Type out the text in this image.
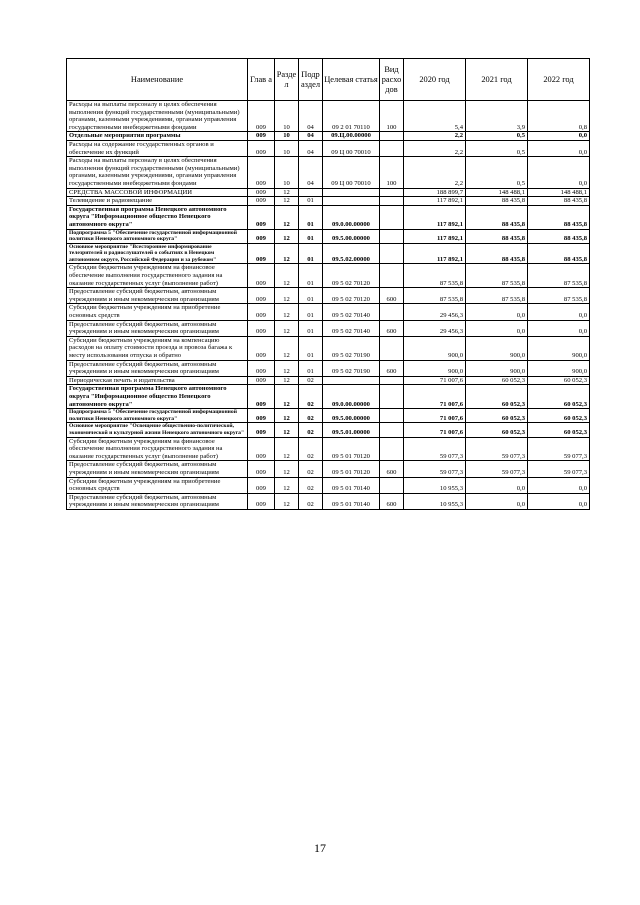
Наименование	Глав а	Разде л	Подр аздел	Целевая статья	Вид расхо дов	2020 год	2021 год	2022 год
Расходы на выплаты персоналу в целях обеспечения выполнения функций государственными (муниципальными) органами, казенными учреждениями, органами управления государственными внебюджетными фондами	009	10	04	09 2 01 70110	100	5,4	3,9	0,8
Отдельные мероприятия программы	009	10	04	09.Ц.00.00000		2,2	0,5	0,0
Расходы на содержание государственных органов и обеспечение их функций	009	10	04	09 Ц 00 70010		2,2	0,5	0,0
Расходы на выплаты персоналу в целях обеспечения выполнения функций государственными (муниципальными) органами, казенными учреждениями, органами управления государственными внебюджетными фондами	009	10	04	09 Ц 00 70010	100	2,2	0,5	0,0
СРЕДСТВА МАССОВОЙ ИНФОРМАЦИИ	009	12				188 899,7	148 488,1	148 488,1
Телевидение и радиовещание	009	12	01			117 892,1	88 435,8	88 435,8
Государственная программа Ненецкого автономного округа "Информационное общество Ненецкого автономного округа"	009	12	01	09.0.00.00000		117 892,1	88 435,8	88 435,8
Подпрограмма 5 "Обеспечение государственной информационной политики Ненецкого автономного округа"	009	12	01	09.5.00.00000		117 892,1	88 435,8	88 435,8
Основное мероприятие "Всестороннее информирование телезрителей и радиослушателей о событиях в Ненецком автономном округе, Российской Федерации и за рубежом"	009	12	01	09.5.02.00000		117 892,1	88 435,8	88 435,8
Субсидии бюджетным учреждениям на финансовое обеспечение выполнения государственного задания на оказание государственных услуг (выполнение работ)	009	12	01	09 5 02 70120		87 535,8	87 535,8	87 535,8
Предоставление субсидий бюджетным, автономным учреждениям и иным некоммерческим организациям	009	12	01	09 5 02 70120	600	87 535,8	87 535,8	87 535,8
Субсидии бюджетным учреждениям на приобретение основных средств	009	12	01	09 5 02 70140		29 456,3	0,0	0,0
Предоставление субсидий бюджетным, автономным учреждениям и иным некоммерческим организациям	009	12	01	09 5 02 70140	600	29 456,3	0,0	0,0
Субсидии бюджетным учреждениям на компенсацию расходов на оплату стоимости проезда и провоза багажа к месту использования отпуска и обратно	009	12	01	09 5 02 70190		900,0	900,0	900,0
Предоставление субсидий бюджетным, автономным учреждениям и иным некоммерческим организациям	009	12	01	09 5 02 70190	600	900,0	900,0	900,0
Периодическая печать и издательства	009	12	02			71 007,6	60 052,3	60 052,3
Государственная программа Ненецкого автономного округа "Информационное общество Ненецкого автономного округа"	009	12	02	09.0.00.00000		71 007,6	60 052,3	60 052,3
Подпрограмма 5 "Обеспечение государственной информационной политики Ненецкого автономного округа"	009	12	02	09.5.00.00000		71 007,6	60 052,3	60 052,3
Основное мероприятие "Освещение общественно-политической, экономической и культурной жизни Ненецкого автономного округа"	009	12	02	09.5.01.00000		71 007,6	60 052,3	60 052,3
Субсидии бюджетным учреждениям на финансовое обеспечение выполнения государственного задания на оказание государственных услуг (выполнение работ)	009	12	02	09 5 01 70120		59 077,3	59 077,3	59 077,3
Предоставление субсидий бюджетным, автономным учреждениям и иным некоммерческим организациям	009	12	02	09 5 01 70120	600	59 077,3	59 077,3	59 077,3
Субсидии бюджетным учреждениям на приобретение основных средств	009	12	02	09 5 01 70140		10 955,3	0,0	0,0
Предоставление субсидий бюджетным, автономным учреждениям и иным некоммерческим организациям	009	12	02	09 5 01 70140	600	10 955,3	0,0	0,0
17
